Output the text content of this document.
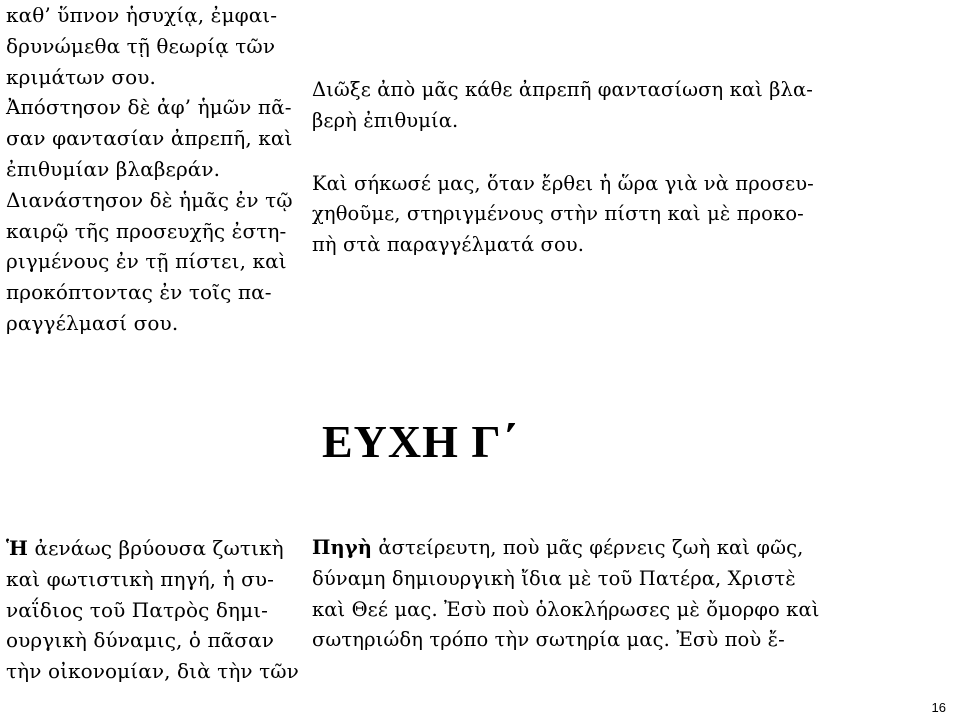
καθ’ ὕπνον ἡσυχίᾳ, ἐμφαι-
δρυνώμεθα τῇ θεωρίᾳ τῶν
κριμάτων σου.
Ἀπόστησον δὲ ἀφ’ ἡμῶν πᾶ-
σαν φαντασίαν ἀπρεπῆ, καὶ
ἐπιθυμίαν βλαβεράν.
Διανάστησον δὲ ἡμᾶς ἐν τῷ
καιρῷ τῆς προσευχῆς ἐστη-
ριγμένους ἐν τῇ πίστει, καὶ
προκόπτοντας ἐν τοῖς πα-
ραγγέλμασί σου.

Διῶξε ἀπὸ μᾶς κάθε ἀπρεπῆ φαντασίωση καὶ βλα-
βερὴ ἐπιθυμία.

Καὶ σήκωσέ μας, ὅταν ἔρθει ἡ ὥρα γιὰ νὰ προσευ-
χηθοῦμε, στηριγμένους στὴν πίστη καὶ μὲ προκο-
πὴ στὰ παραγγέλματά σου.

ΕΥΧΗ Γ΄

Ἡ ἀενάως βρύουσα ζωτικὴ
καὶ φωτιστικὴ πηγή, ἡ συ-
ναΐδιος τοῦ Πατρὸς δημι-
ουργικὴ δύναμις, ὁ πᾶσαν
τὴν οἰκονομίαν, διὰ τὴν τῶν

Πηγὴ ἀστείρευτη, ποὺ μᾶς φέρνεις ζωὴ καὶ φῶς,
δύναμη δημιουργικὴ ἴδια μὲ τοῦ Πατέρα, Χριστὲ
καὶ Θεέ μας. Ἐσὺ ποὺ ὁλοκλήρωσες μὲ ὄμορφο καὶ
σωτηριώδη τρόπο τὴν σωτηρία μας. Ἐσὺ ποὺ ἔ-

16
